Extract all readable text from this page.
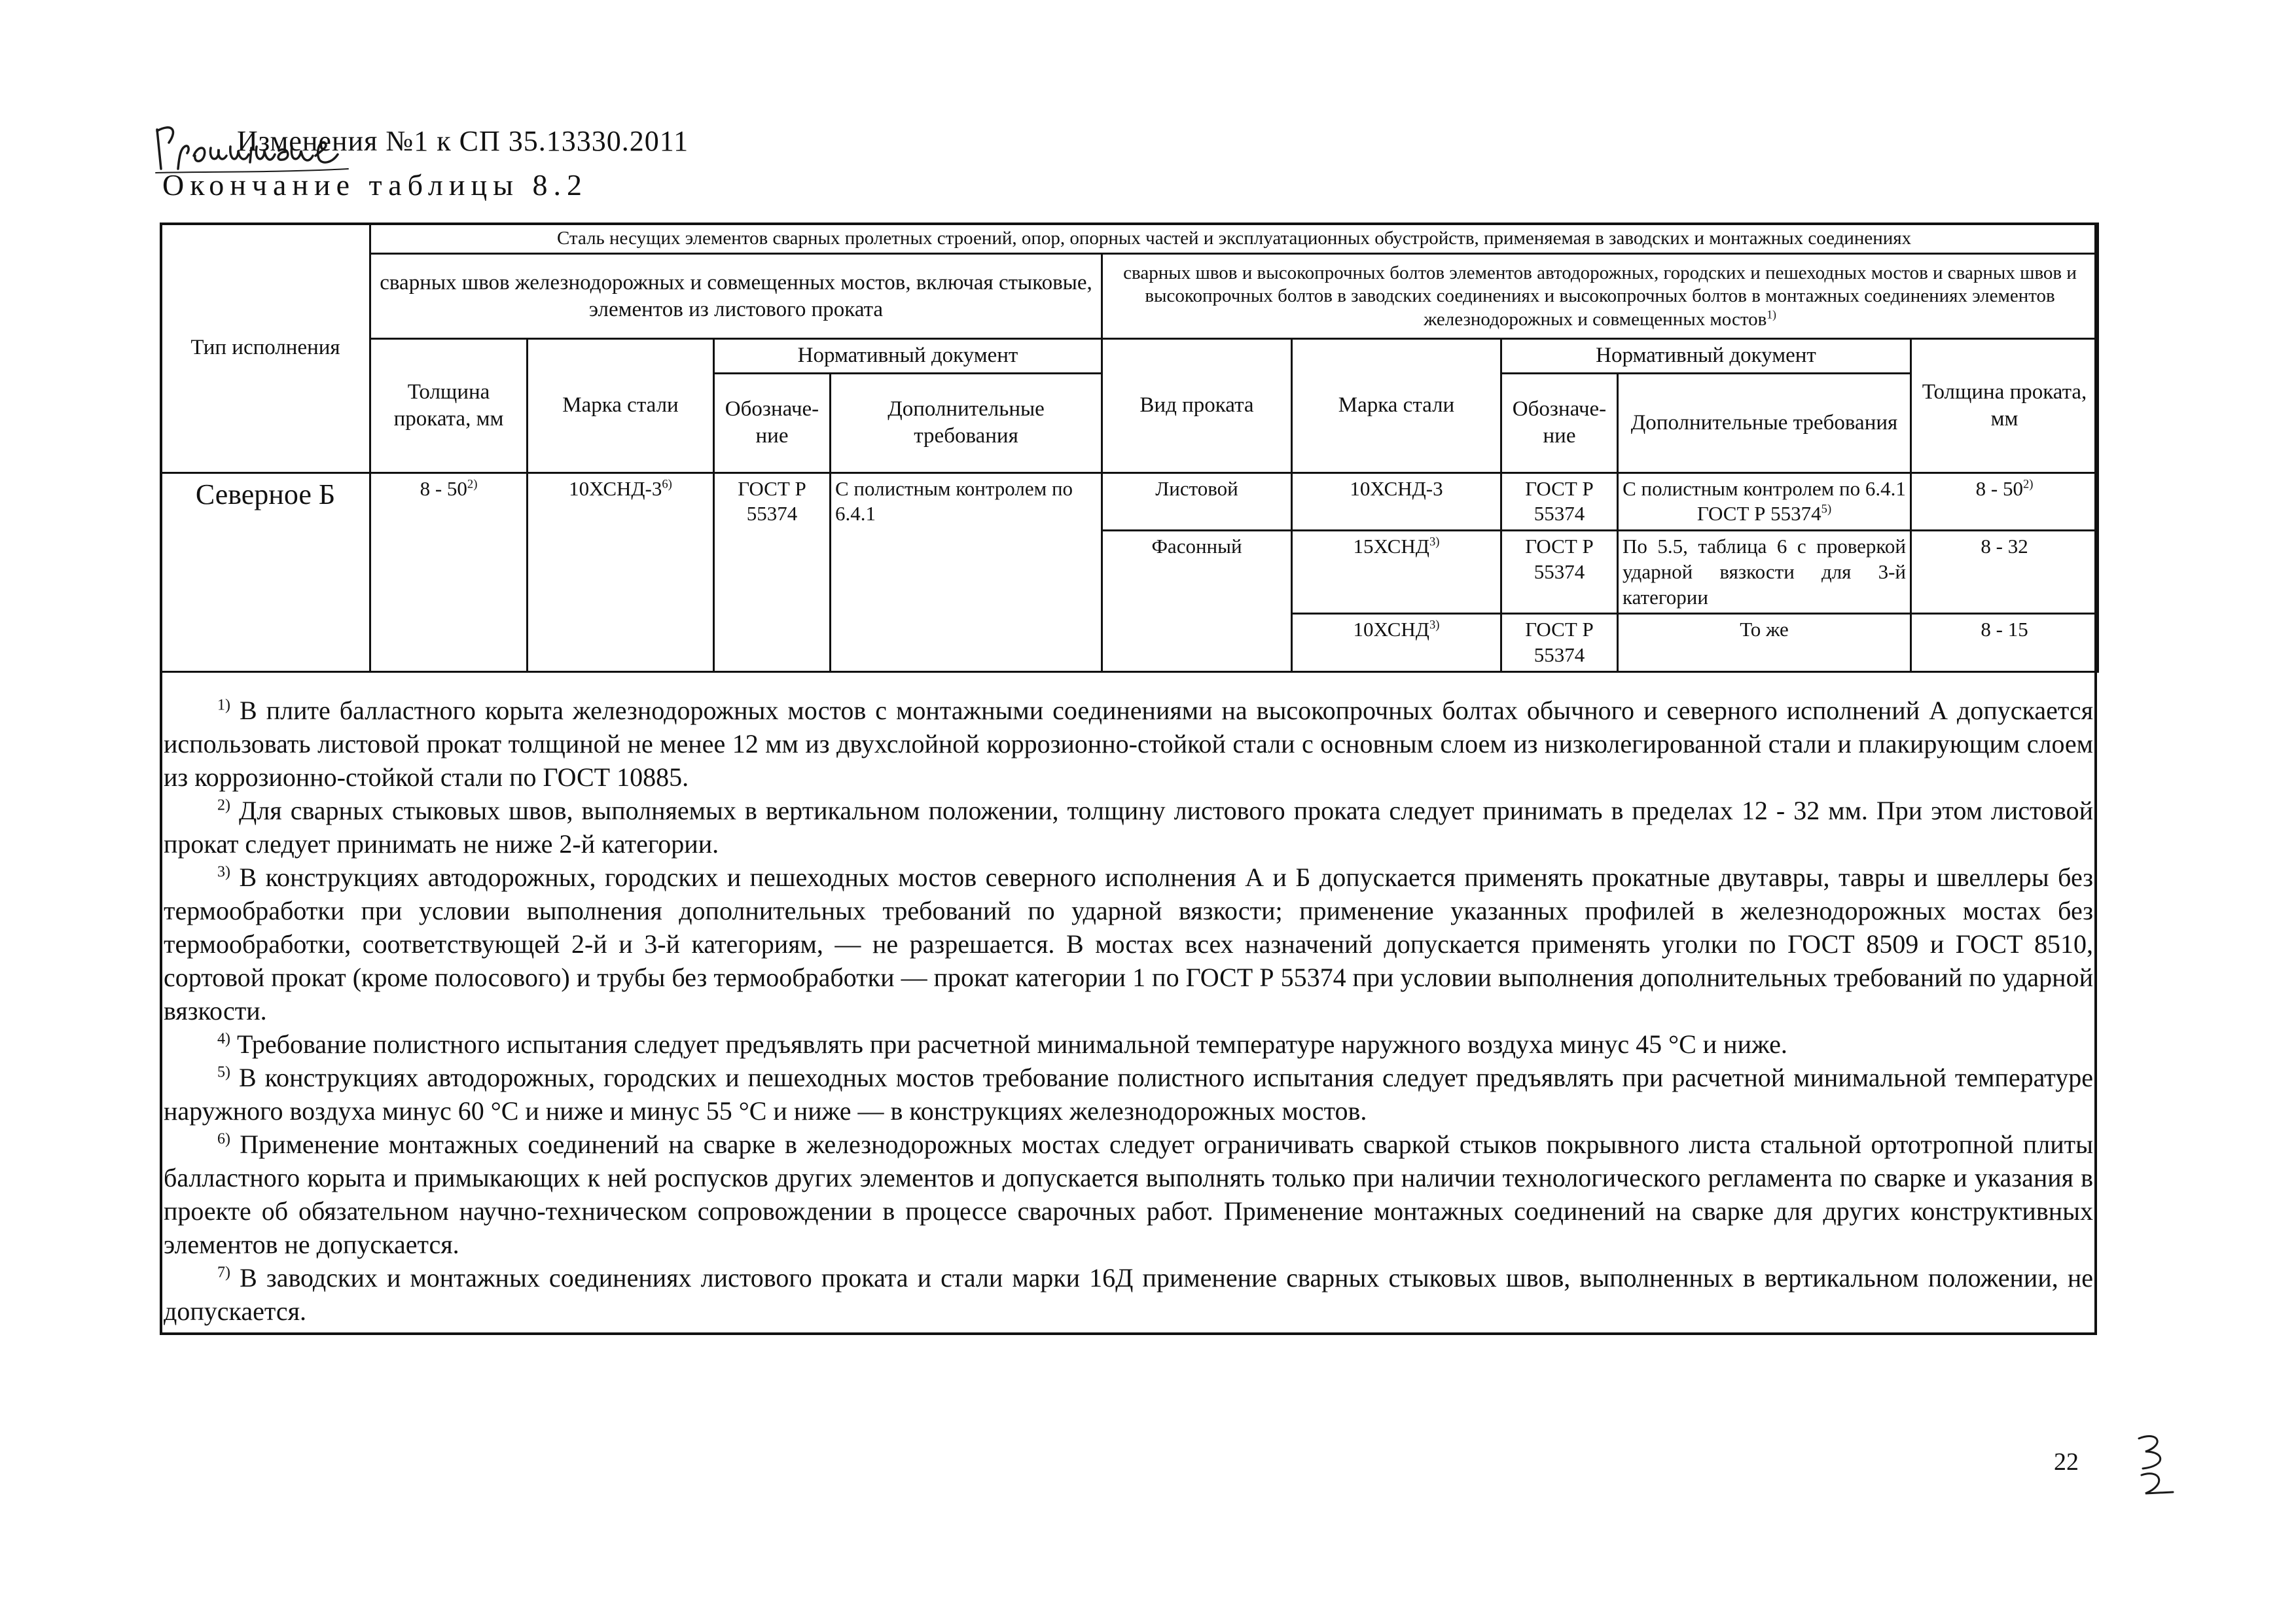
Изменения №1 к СП 35.13330.2011
Окончание таблицы 8.2
Тип исполнения	Сталь несущих элементов сварных пролетных строений, опор, опорных частей и эксплуатационных обустройств, применяемая в заводских и монтажных соединениях								
	сварных швов железнодорожных и совмещенных мостов, включая стыковые, элементов из листового проката				сварных швов и высокопрочных болтов элементов автодорожных, городских и пешеходных мостов и сварных швов и высокопрочных болтов в заводских соединениях и высокопрочных болтов в монтажных соединениях элементов железнодорожных и совмещенных мостов$^{1)}$
	Толщина проката, мм	Марка стали	Нормативный документ		Вид проката	Марка стали	Нормативный документ		Толщина проката, мм
			Обозначе-ние	Дополнительные требования			Обозначе-ние	Дополнительные требования	
Северное Б	8 - 50$^{2)}$	10ХСНД-3$^{6)}$	ГОСТ Р 55374	С полистным контролем по 6.4.1	Листовой	10ХСНД-3	ГОСТ Р 55374	С полистным контролем по 6.4.1 ГОСТ Р 55374$^{5)}$	8 - 50$^{2)}$
					Фасонный	15ХСНД$^{3)}$	ГОСТ Р 55374	По 5.5, таблица 6 с проверкой ударной вязкости для 3-й категории	8 - 32
						10ХСНД$^{3)}$	ГОСТ Р 55374	То же	8 - 15

$^{1)}$ В плите балластного корыта железнодорожных мостов с монтажными соединениями на высокопрочных болтах обычного и северного исполнений А допускается использовать листовой прокат толщиной не менее 12 мм из двухслойной коррозионно-стойкой стали с основным слоем из низколегированной стали и плакирующим слоем из коррозионно-стойкой стали по ГОСТ 10885.

$^{2)}$ Для сварных стыковых швов, выполняемых в вертикальном положении, толщину листового проката следует принимать в пределах 12 - 32 мм. При этом листовой прокат следует принимать не ниже 2-й категории.

$^{3)}$ В конструкциях автодорожных, городских и пешеходных мостов северного исполнения А и Б допускается применять прокатные двутавры, тавры и швеллеры без термообработки при условии выполнения дополнительных требований по ударной вязкости; применение указанных профилей в железнодорожных мостах без термообработки, соответствующей 2-й и 3-й категориям, — не разрешается. В мостах всех назначений допускается применять уголки по ГОСТ 8509 и ГОСТ 8510, сортовой прокат (кроме полосового) и трубы без термообработки — прокат категории 1 по ГОСТ Р 55374 при условии выполнения дополнительных требований по ударной вязкости.

$^{4)}$ Требование полистного испытания следует предъявлять при расчетной минимальной температуре наружного воздуха минус 45 °С и ниже.

$^{5)}$ В конструкциях автодорожных, городских и пешеходных мостов требование полистного испытания следует предъявлять при расчетной минимальной температуре наружного воздуха минус 60 °С и ниже и минус 55 °С и ниже — в конструкциях железнодорожных мостов.

$^{6)}$ Применение монтажных соединений на сварке в железнодорожных мостах следует ограничивать сваркой стыков покрывного листа стальной ортотропной плиты балластного корыта и примыкающих к ней роспусков других элементов и допускается выполнять только при наличии технологического регламента по сварке и указания в проекте об обязательном научно-техническом сопровождении в процессе сварочных работ. Применение монтажных соединений на сварке для других конструктивных элементов не допускается.

$^{7)}$ В заводских и монтажных соединениях листового проката и стали марки 16Д применение сварных стыковых швов, выполненных в вертикальном положении, не допускается.

22
